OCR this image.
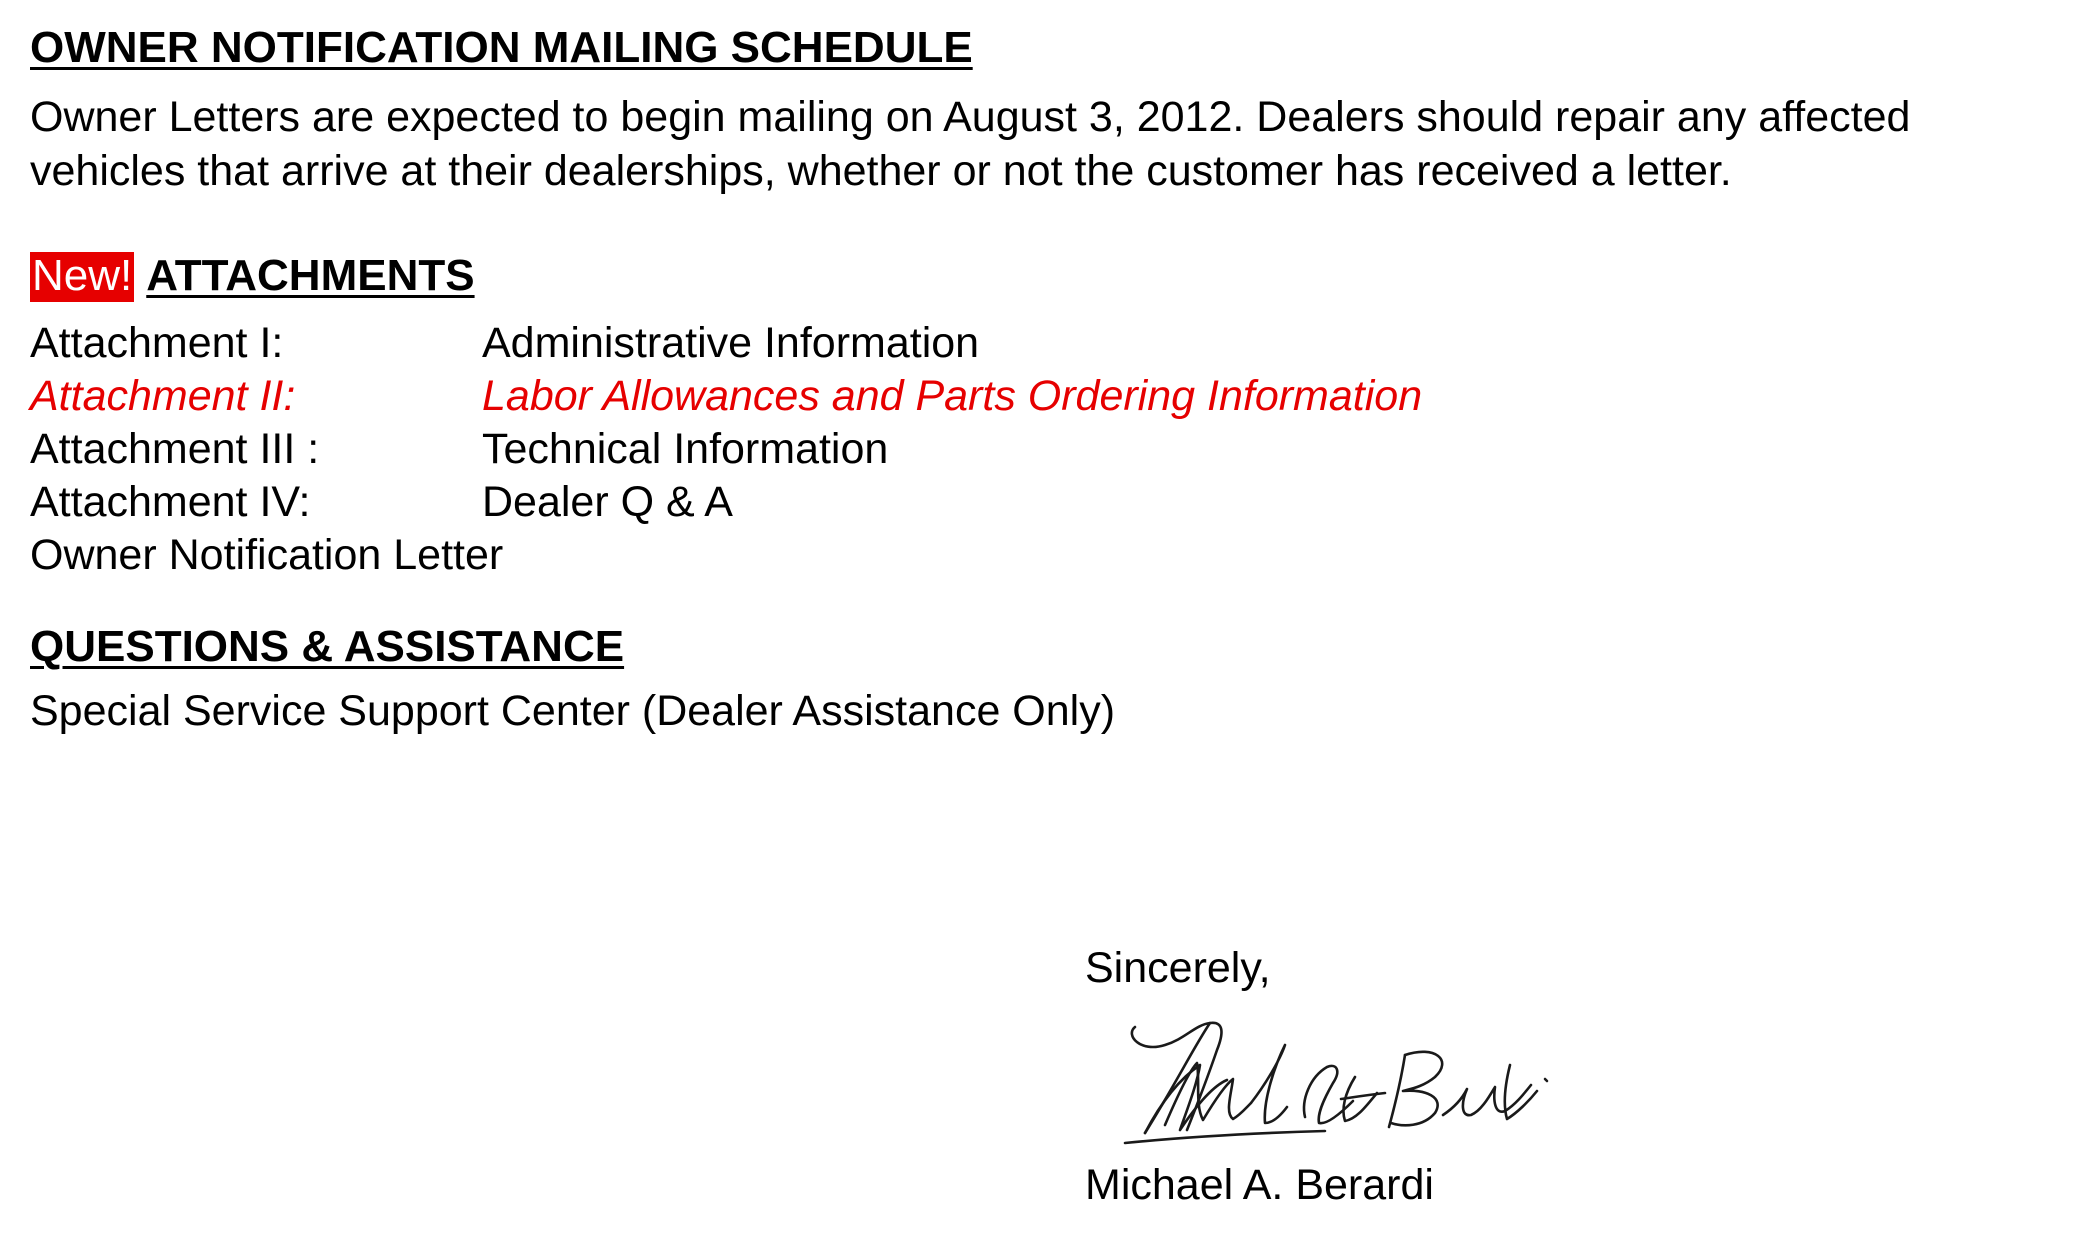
OWNER NOTIFICATION MAILING SCHEDULE

Owner Letters are expected to begin mailing on August 3, 2012. Dealers should repair any affected

vehicles that arrive at their dealerships, whether or not the customer has received a letter.

New! ATTACHMENTS
Attachment I:	Administrative Information
Attachment II:	Labor Allowances and Parts Ordering Information
Attachment III :	Technical Information
Attachment IV:	Dealer Q & A
Owner Notification Letter
QUESTIONS & ASSISTANCE

Special Service Support Center (Dealer Assistance Only)

Sincerely,
Michael A. Berardi
